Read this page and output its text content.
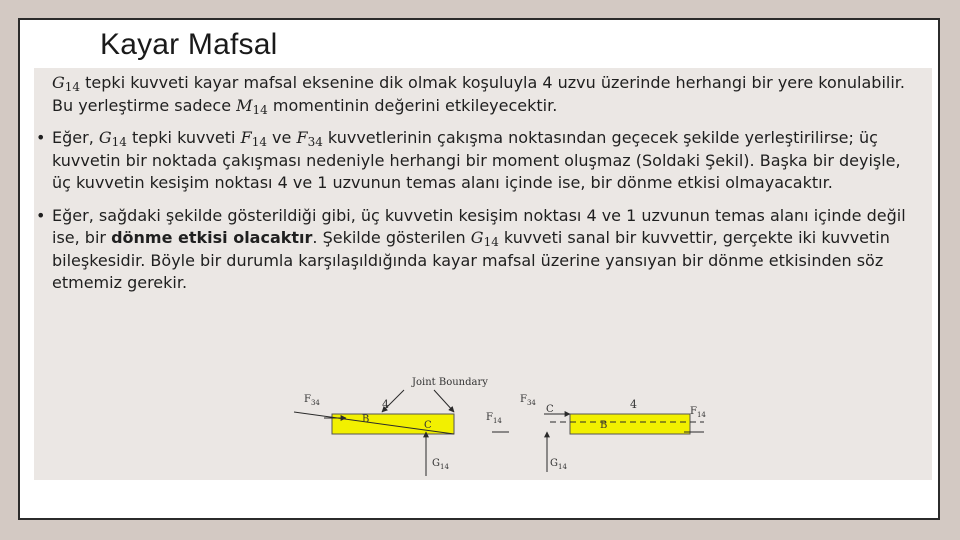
Kayar Mafsal
$G_{14}$ tepki kuvveti kayar mafsal eksenine dik olmak koşuluyla 4 uzvu üzerinde herhangi bir yere konulabilir. Bu yerleştirme sadece $M_{14}$ momentinin değerini etkileyecektir.
• Eğer, $G_{14}$ tepki kuvveti $F_{14}$ ve $F_{34}$ kuvvetlerinin çakışma noktasından geçecek şekilde yerleştirilirse; üç kuvvetin bir noktada çakışması nedeniyle herhangi bir moment oluşmaz (Soldaki Şekil). Başka bir deyişle, üç kuvvetin kesişim noktası 4 ve 1 uzvunun temas alanı içinde ise, bir dönme etkisi olmayacaktır.
• Eğer, sağdaki şekilde gösterildiği gibi, üç kuvvetin kesişim noktası 4 ve 1 uzvunun temas alanı içinde değil ise, bir dönme etkisi olacaktır. Şekilde gösterilen $G_{14}$ kuvveti sanal bir kuvvettir, gerçekte iki kuvvetin bileşkesidir. Böyle bir durumla karşılaşıldığında kayar mafsal üzerine yansıyan bir dönme etkisinden söz etmemiz gerekir.
Joint Boundary
4
B
C
$F_{34}$
$F_{14}$
$G_{14}$
4
B
C
$F_{34}$
$F_{14}$
$G_{14}$
